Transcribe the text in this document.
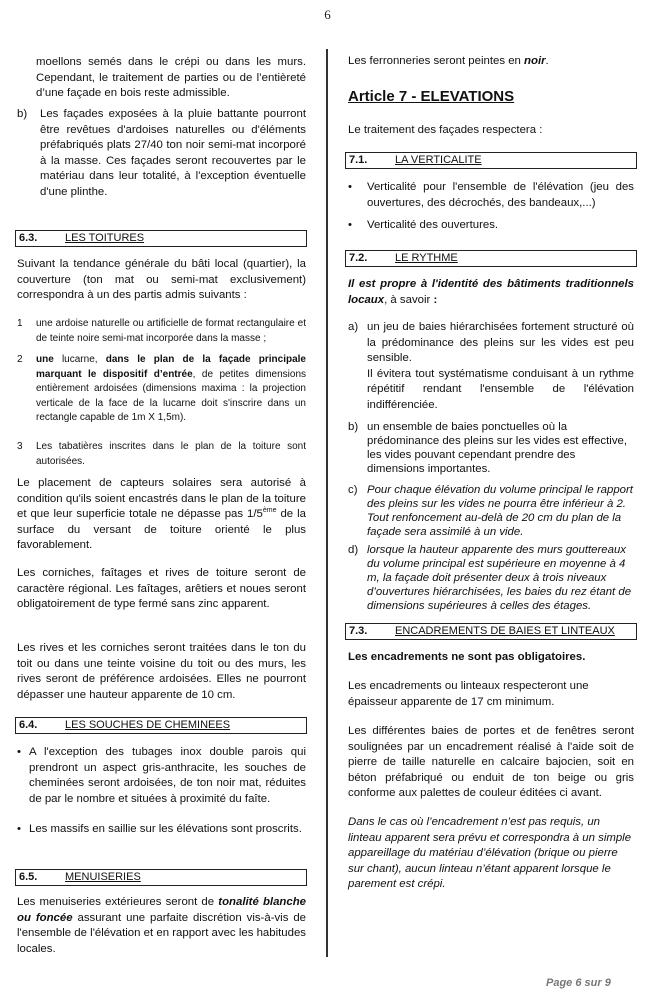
6

moellons semés dans le crépi ou dans les murs. Cependant, le traitement de parties ou de l’entièreté d’une façade en bois reste admissible.

b)	Les façades exposées à la pluie battante pourront être revêtues d'ardoises naturelles ou d'éléments préfabriqués plats 27/40 ton noir semi-mat incorporé à la masse. Ces façades seront recouvertes par le matériau dans leur totalité, à l'exception éventuelle d'une plinthe.
6.3.	LES TOITURES

Suivant la tendance générale du bâti local (quartier), la couverture (ton mat ou semi-mat exclusivement) correspondra à un des partis admis suivants :

1	une ardoise naturelle ou artificielle de format rectangulaire et de teinte noire semi-mat incorporée dans la masse ;
2	une lucarne, dans le plan de la façade principale marquant le dispositif d’entrée, de petites dimensions entièrement ardoisées (dimensions maxima : la projection verticale de la face de la lucarne doit s'inscrire dans un rectangle capable de 1m X 1,5m).
3	Les tabatières inscrites dans le plan de la toiture sont autorisées.

Le placement de capteurs solaires sera autorisé à condition qu'ils soient encastrés dans le plan de la toiture et que leur superficie totale ne dépasse pas 1/5ème de la surface du versant de toiture orienté le plus favorablement.

Les corniches, faîtages et rives de toiture seront de caractère régional. Les faîtages, arêtiers et noues seront obligatoirement de type fermé sans zinc apparent.

Les rives et les corniches seront traitées dans le ton du toit ou dans une teinte voisine du toit ou des murs, les rives seront de préférence ardoisées. Elles ne pourront dépasser une hauteur apparente de 10 cm.

6.4.	LES SOUCHES DE CHEMINEES
• A l'exception des tubages inox double parois qui prendront un aspect gris-anthracite, les souches de cheminées seront ardoisées, de ton noir mat, réduites de par le nombre et situées à proximité du faîte.
• Les massifs en saillie sur les élévations sont proscrits.
6.5.	MENUISERIES

Les menuiseries extérieures seront de tonalité blanche ou foncée assurant une parfaite discrétion vis-à-vis de l'ensemble de l'élévation et en rapport avec les habitudes locales.

Les ferronneries seront peintes en noir.

Article 7 - ELEVATIONS

Le traitement des façades respectera :

7.1.	LA VERTICALITE
•	Verticalité pour l'ensemble de l'élévation (jeu des ouvertures, des décrochés, des bandeaux,...)
•	Verticalité des ouvertures.
7.2.	LE RYTHME

Il est propre à l'identité des bâtiments traditionnels locaux, à savoir :

a) un jeu de baies hiérarchisées fortement structuré où la prédominance des pleins sur les vides est peu sensible.
Il évitera tout systématisme conduisant à un rythme répétitif rendant l'ensemble de l'élévation indifférenciée.
b) un ensemble de baies ponctuelles où la prédominance des pleins sur les vides est effective, les vides pouvant cependant prendre des dimensions importantes.
c) Pour chaque élévation du volume principal le rapport des pleins sur les vides ne pourra être inférieur à 2. Tout renfoncement au-delà de 20 cm du plan de la façade sera assimilé à un vide.
d) lorsque la hauteur apparente des murs gouttereaux du volume principal est supérieure en moyenne à 4 m, la façade doit présenter deux à trois niveaux d’ouvertures hiérarchisées, les baies du rez étant de dimensions supérieures à celles des étages.
7.3.	ENCADREMENTS DE BAIES ET LINTEAUX

Les encadrements ne sont pas obligatoires.

Les encadrements ou linteaux respecteront une épaisseur apparente de 17 cm minimum.

Les différentes baies de portes et de fenêtres seront soulignées par un encadrement réalisé à l'aide soit de pierre de taille naturelle en calcaire bajocien, soit en béton préfabriqué ou enduit de ton beige ou gris conforme aux palettes de couleur éditées ci avant.

Dans le cas où l’encadrement n’est pas requis, un linteau apparent sera prévu et correspondra à un simple appareillage du matériau d’élévation (brique ou pierre sur chant), aucun linteau n’étant apparent lorsque le parement est crépi.

Page 6 sur 9
